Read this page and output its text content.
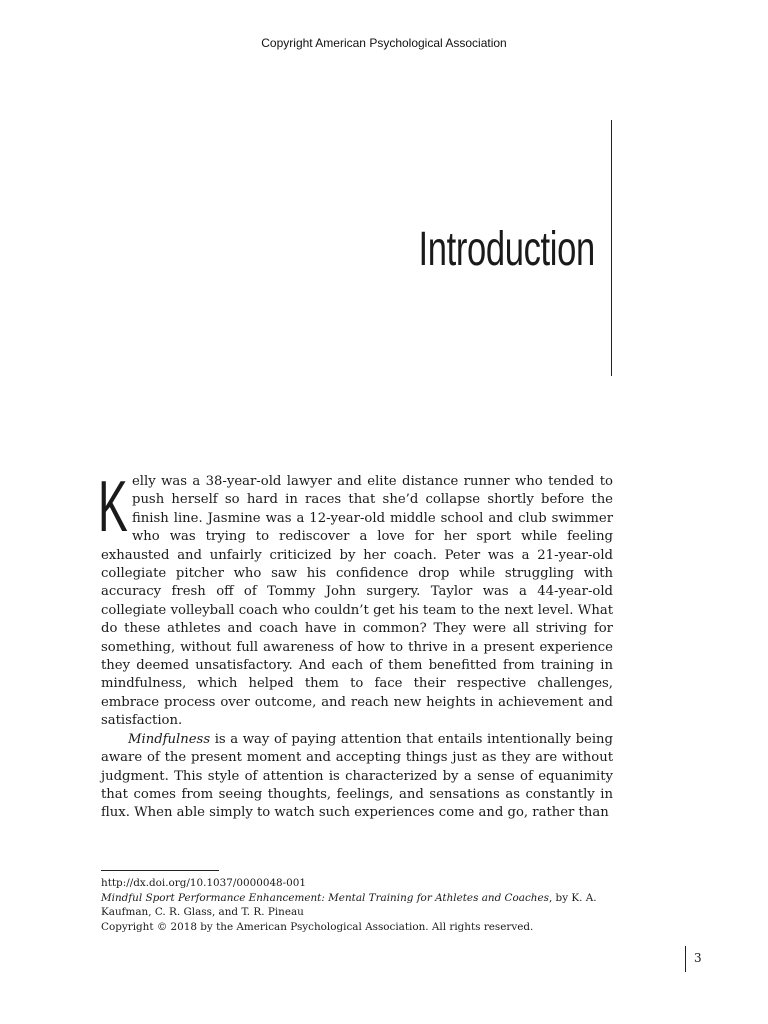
Copyright American Psychological Association
Introduction

Kelly was a 38-year-old lawyer and elite distance runner who tended to push herself so hard in races that she’d collapse shortly before the finish line. Jasmine was a 12-year-old middle school and club swimmer who was trying to rediscover a love for her sport while feeling exhausted and unfairly criticized by her coach. Peter was a 21-year-old collegiate pitcher who saw his confidence drop while struggling with accuracy fresh off of Tommy John surgery. Taylor was a 44-year-old collegiate volleyball coach who couldn’t get his team to the next level. What do these athletes and coach have in common? They were all striving for something, without full awareness of how to thrive in a present experience they deemed unsatisfactory. And each of them benefitted from training in mindfulness, which helped them to face their respective challenges, embrace process over outcome, and reach new heights in achievement and satisfaction.

Mindfulness is a way of paying attention that entails intentionally being aware of the present moment and accepting things just as they are without judgment. This style of attention is characterized by a sense of equanimity that comes from seeing thoughts, feelings, and sensations as constantly in flux. When able simply to watch such experiences come and go, rather than

http://dx.doi.org/10.1037/0000048-001
Mindful Sport Performance Enhancement: Mental Training for Athletes and Coaches, by K. A. Kaufman, C. R. Glass, and T. R. Pineau
Copyright © 2018 by the American Psychological Association. All rights reserved.
3
